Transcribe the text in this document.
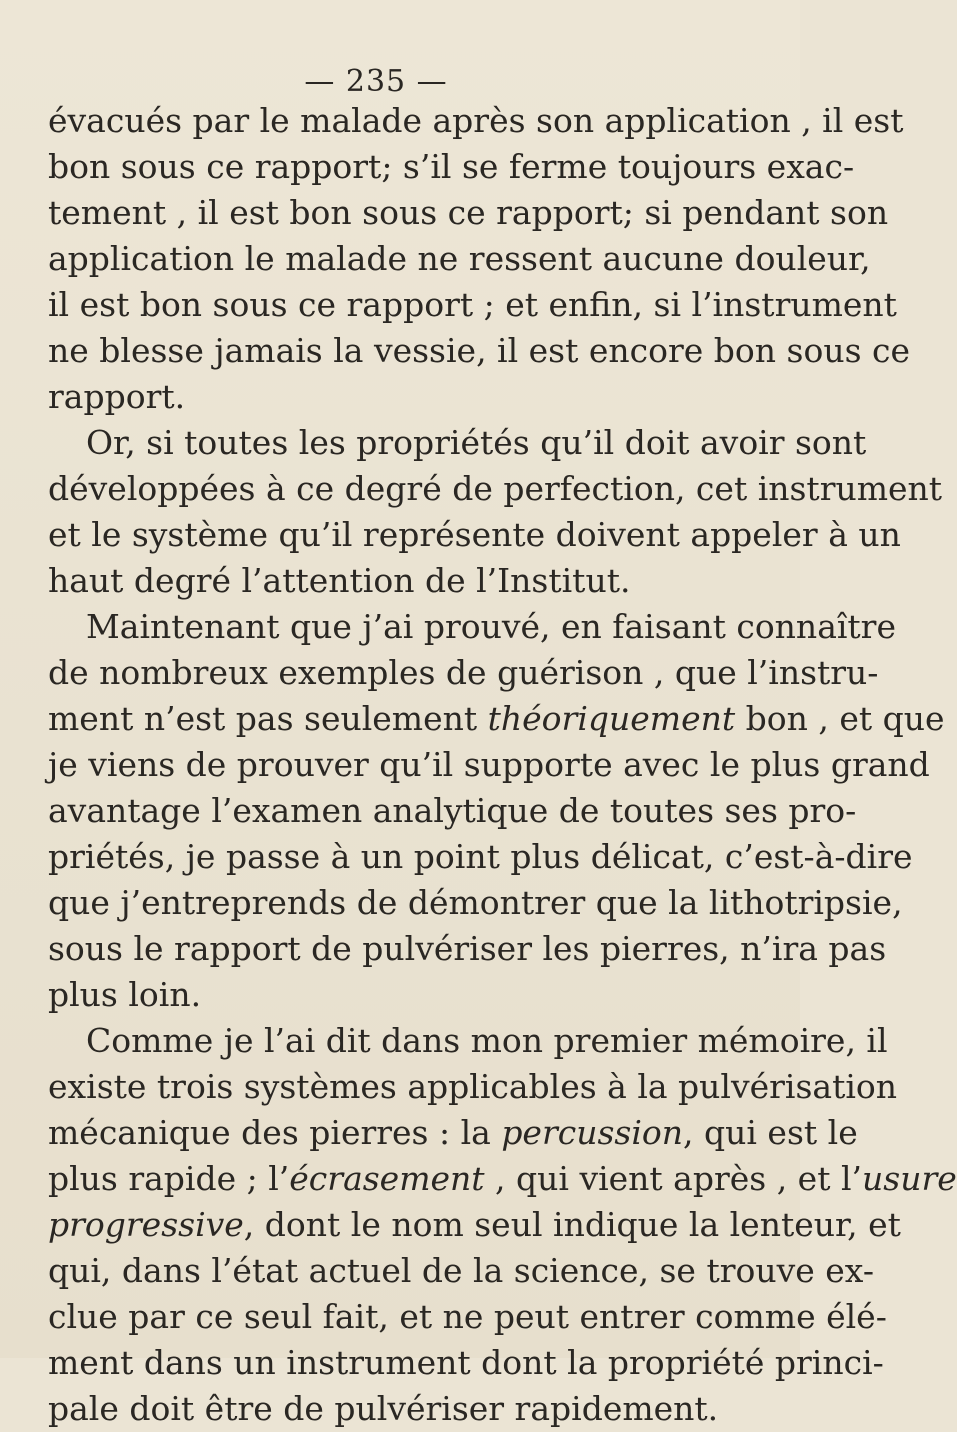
— 235 —
évacués par le malade après son application , il est
bon sous ce rapport; s’il se ferme toujours exac-
tement , il est bon sous ce rapport; si pendant son
application le malade ne ressent aucune douleur,
il est bon sous ce rapport ; et enfin, si l’instrument
ne blesse jamais la vessie, il est encore bon sous ce
rapport.
Or, si toutes les propriétés qu’il doit avoir sont
développées à ce degré de perfection, cet instrument
et le système qu’il représente doivent appeler à un
haut degré l’attention de l’Institut.
Maintenant que j’ai prouvé, en faisant connaître
de nombreux exemples de guérison , que l’instru-
ment n’est pas seulement théoriquement bon , et que
je viens de prouver qu’il supporte avec le plus grand
avantage l’examen analytique de toutes ses pro-
priétés, je passe à un point plus délicat, c’est-à-dire
que j’entreprends de démontrer que la lithotripsie,
sous le rapport de pulvériser les pierres, n’ira pas
plus loin.
Comme je l’ai dit dans mon premier mémoire, il
existe trois systèmes applicables à la pulvérisation
mécanique des pierres : la percussion, qui est le
plus rapide ; l’écrasement , qui vient après , et l’usure
progressive, dont le nom seul indique la lenteur, et
qui, dans l’état actuel de la science, se trouve ex-
clue par ce seul fait, et ne peut entrer comme élé-
ment dans un instrument dont la propriété princi-
pale doit être de pulvériser rapidement.
